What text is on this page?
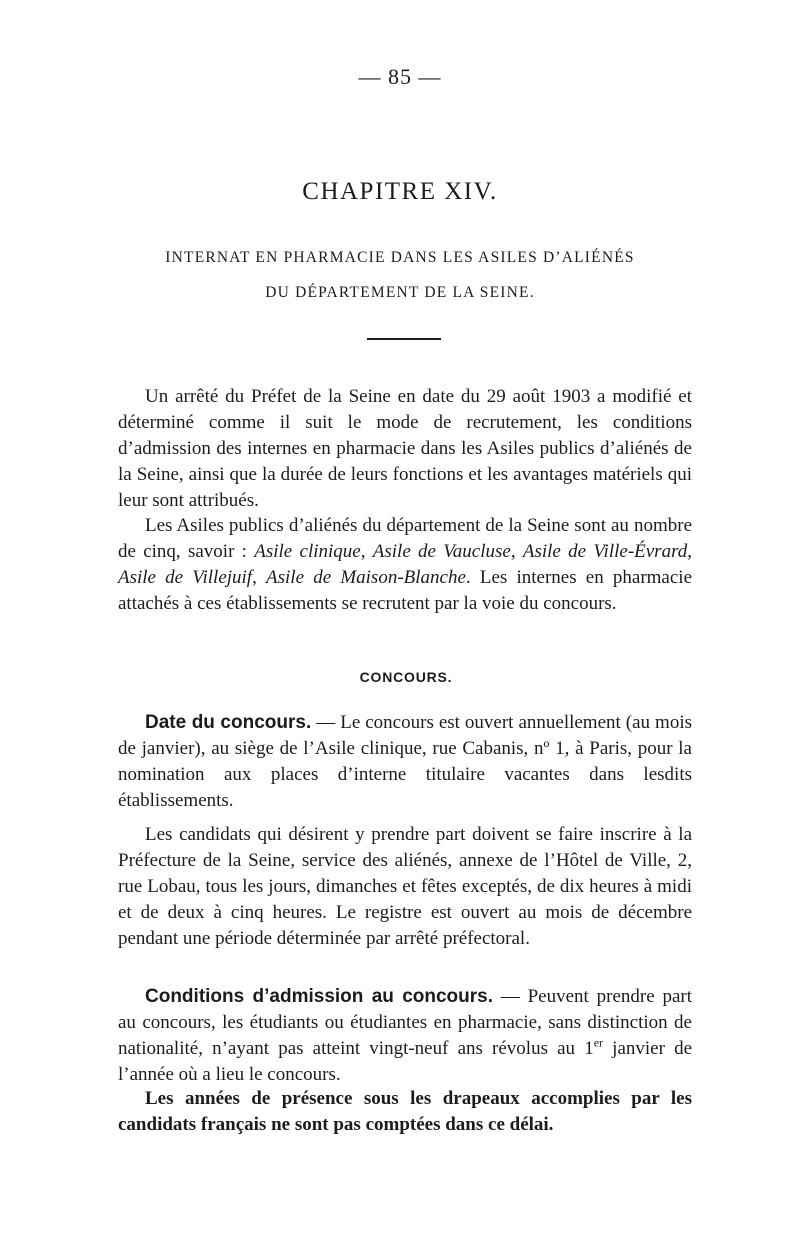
— 85 —
CHAPITRE XIV.
INTERNAT EN PHARMACIE DANS LES ASILES D’ALIÉNÉS
DU DÉPARTEMENT DE LA SEINE.

Un arrêté du Préfet de la Seine en date du 29 août 1903 a modifié et déterminé comme il suit le mode de recrutement, les conditions d’admission des internes en pharmacie dans les Asiles publics d’aliénés de la Seine, ainsi que la durée de leurs fonctions et les avantages matériels qui leur sont attribués.

Les Asiles publics d’aliénés du département de la Seine sont au nombre de cinq, savoir : Asile clinique, Asile de Vaucluse, Asile de Ville-Évrard, Asile de Villejuif, Asile de Maison-Blanche. Les internes en pharmacie attachés à ces établissements se recrutent par la voie du concours.

CONCOURS.

Date du concours. — Le concours est ouvert annuellement (au mois de janvier), au siège de l’Asile clinique, rue Cabanis, nº 1, à Paris, pour la nomination aux places d’interne titulaire vacantes dans lesdits établissements.

Les candidats qui désirent y prendre part doivent se faire inscrire à la Préfecture de la Seine, service des aliénés, annexe de l’Hôtel de Ville, 2, rue Lobau, tous les jours, dimanches et fêtes exceptés, de dix heures à midi et de deux à cinq heures. Le registre est ouvert au mois de décembre pendant une période déterminée par arrêté préfectoral.

Conditions d’admission au concours. — Peuvent prendre part au concours, les étudiants ou étudiantes en pharmacie, sans distinction de nationalité, n’ayant pas atteint vingt-neuf ans révolus au 1er janvier de l’année où a lieu le concours.

Les années de présence sous les drapeaux accomplies par les candidats français ne sont pas comptées dans ce délai.
